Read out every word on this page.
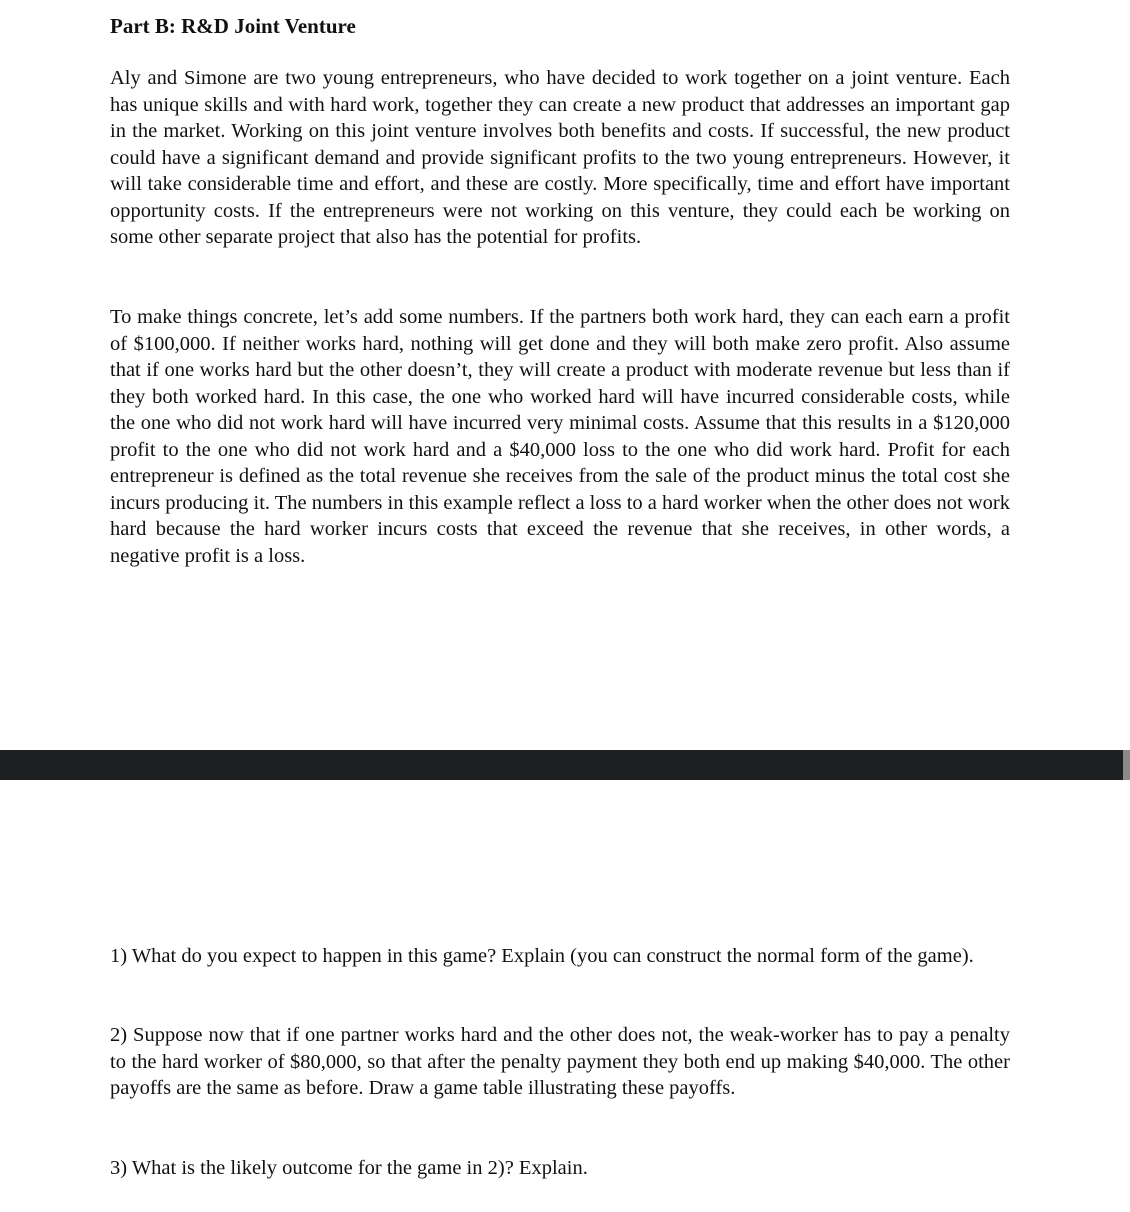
Part B: R&D Joint Venture

Aly and Simone are two young entrepreneurs, who have decided to work together on a joint venture. Each has unique skills and with hard work, together they can create a new product that addresses an important gap in the market. Working on this joint venture involves both benefits and costs. If successful, the new product could have a significant demand and provide significant profits to the two young entrepreneurs. However, it will take considerable time and effort, and these are costly. More specifically, time and effort have important opportunity costs. If the entrepreneurs were not working on this venture, they could each be working on some other separate project that also has the potential for profits.

To make things concrete, let’s add some numbers. If the partners both work hard, they can each earn a profit of $100,000. If neither works hard, nothing will get done and they will both make zero profit. Also assume that if one works hard but the other doesn’t, they will create a product with moderate revenue but less than if they both worked hard. In this case, the one who worked hard will have incurred considerable costs, while the one who did not work hard will have incurred very minimal costs. Assume that this results in a $120,000 profit to the one who did not work hard and a $40,000 loss to the one who did work hard. Profit for each entrepreneur is defined as the total revenue she receives from the sale of the product minus the total cost she incurs producing it. The numbers in this example reflect a loss to a hard worker when the other does not work hard because the hard worker incurs costs that exceed the revenue that she receives, in other words, a negative profit is a loss.

1) What do you expect to happen in this game? Explain (you can construct the normal form of the game).

2) Suppose now that if one partner works hard and the other does not, the weak-worker has to pay a penalty to the hard worker of $80,000, so that after the penalty payment they both end up making $40,000. The other payoffs are the same as before. Draw a game table illustrating these payoffs.

3) What is the likely outcome for the game in 2)? Explain.
